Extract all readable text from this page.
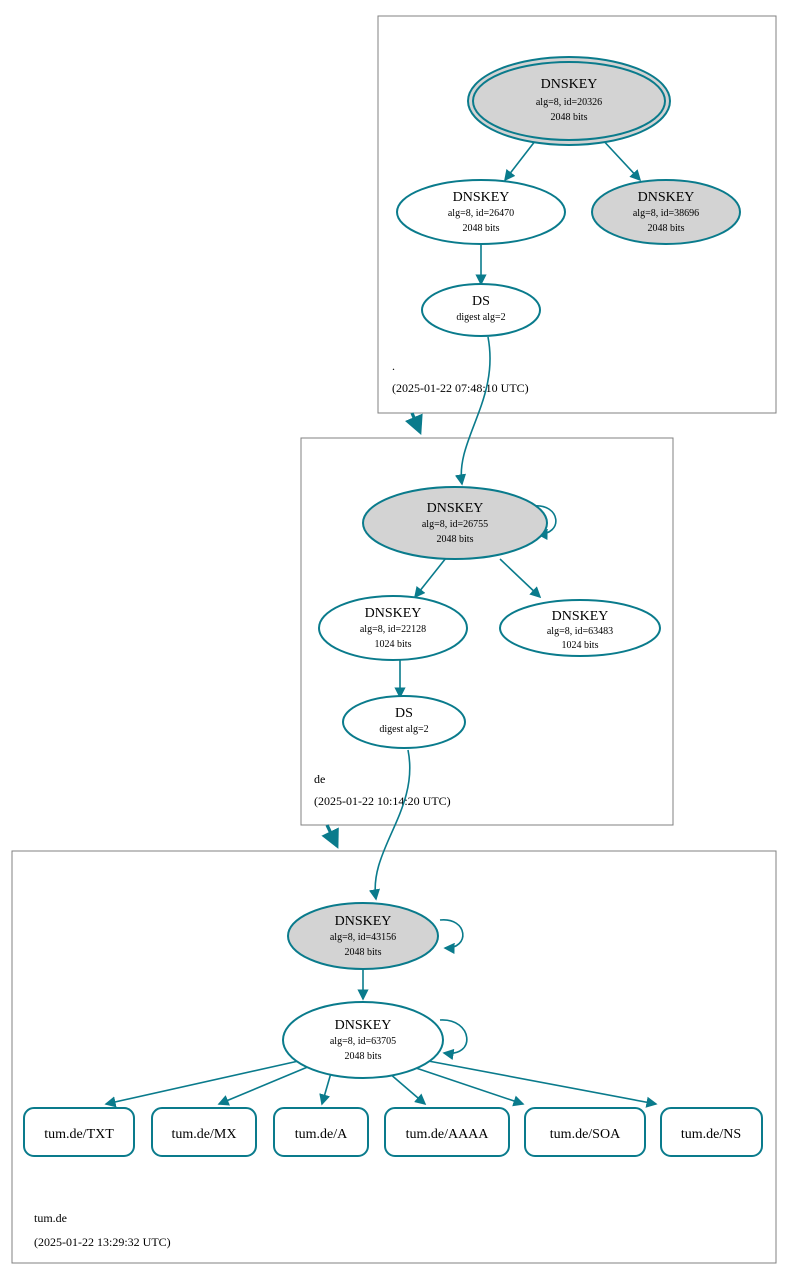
.
(2025-01-22 07:48:10 UTC)
de
(2025-01-22 10:14:20 UTC)
tum.de
(2025-01-22 13:29:32 UTC)
DNSKEY
alg=8, id=20326
2048 bits
DNSKEY
alg=8, id=26470
2048 bits
DNSKEY
alg=8, id=38696
2048 bits
DS
digest alg=2
DNSKEY
alg=8, id=26755
2048 bits
DNSKEY
alg=8, id=22128
1024 bits
DNSKEY
alg=8, id=63483
1024 bits
DS
digest alg=2
DNSKEY
alg=8, id=43156
2048 bits
DNSKEY
alg=8, id=63705
2048 bits
tum.de/TXT	tum.de/MX	tum.de/A	tum.de/AAAA	tum.de/SOA	tum.de/NS
